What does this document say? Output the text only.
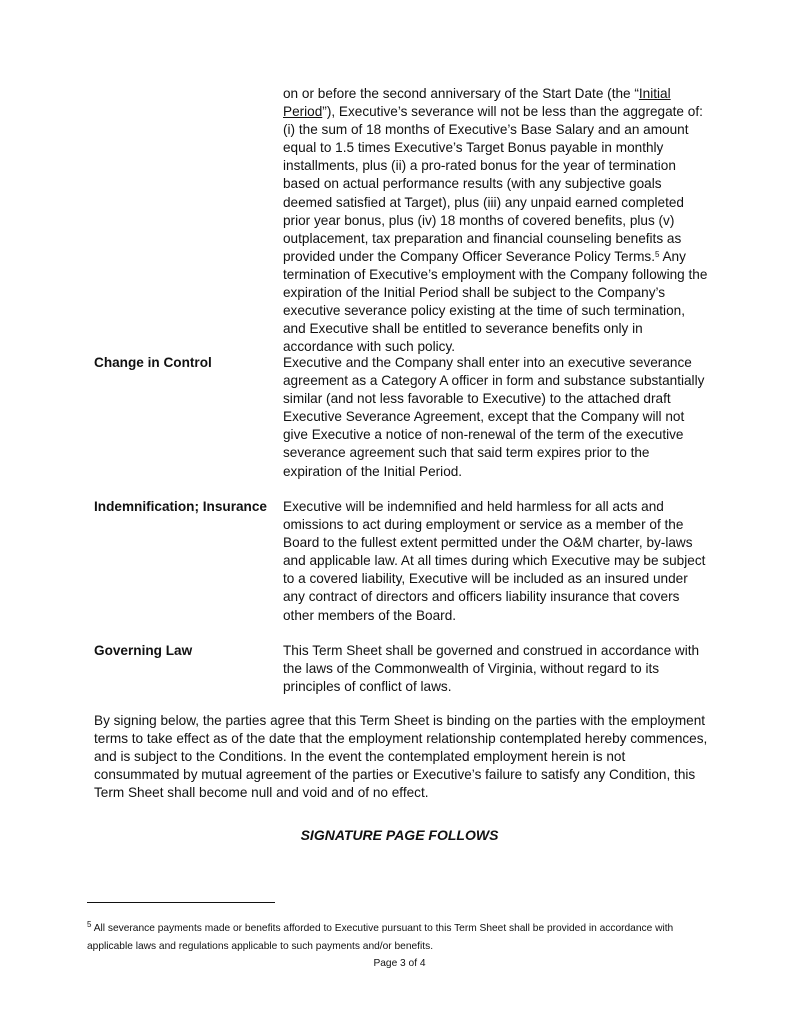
on or before the second anniversary of the Start Date (the “Initial Period”), Executive’s severance will not be less than the aggregate of: (i) the sum of 18 months of Executive’s Base Salary and an amount equal to 1.5 times Executive’s Target Bonus payable in monthly installments, plus (ii) a pro-rated bonus for the year of termination based on actual performance results (with any subjective goals deemed satisfied at Target), plus (iii) any unpaid earned completed prior year bonus, plus (iv) 18 months of covered benefits, plus (v) outplacement, tax preparation and financial counseling benefits as provided under the Company Officer Severance Policy Terms.$^5$ Any termination of Executive’s employment with the Company following the expiration of the Initial Period shall be subject to the Company’s executive severance policy existing at the time of such termination, and Executive shall be entitled to severance benefits only in accordance with such policy.

Change in Control	Executive and the Company shall enter into an executive severance agreement as a Category A officer in form and substance substantially similar (and not less favorable to Executive) to the attached draft Executive Severance Agreement, except that the Company will not give Executive a notice of non-renewal of the term of the executive severance agreement such that said term expires prior to the expiration of the Initial Period.

Indemnification; Insurance	Executive will be indemnified and held harmless for all acts and omissions to act during employment or service as a member of the Board to the fullest extent permitted under the O&M charter, by-laws and applicable law. At all times during which Executive may be subject to a covered liability, Executive will be included as an insured under any contract of directors and officers liability insurance that covers other members of the Board.

Governing Law	This Term Sheet shall be governed and construed in accordance with the laws of the Commonwealth of Virginia, without regard to its principles of conflict of laws.

By signing below, the parties agree that this Term Sheet is binding on the parties with the employment terms to take effect as of the date that the employment relationship contemplated hereby commences, and is subject to the Conditions. In the event the contemplated employment herein is not consummated by mutual agreement of the parties or Executive’s failure to satisfy any Condition, this Term Sheet shall become null and void and of no effect.

SIGNATURE PAGE FOLLOWS

$^5$ All severance payments made or benefits afforded to Executive pursuant to this Term Sheet shall be provided in accordance with applicable laws and regulations applicable to such payments and/or benefits.

Page 3 of 4
